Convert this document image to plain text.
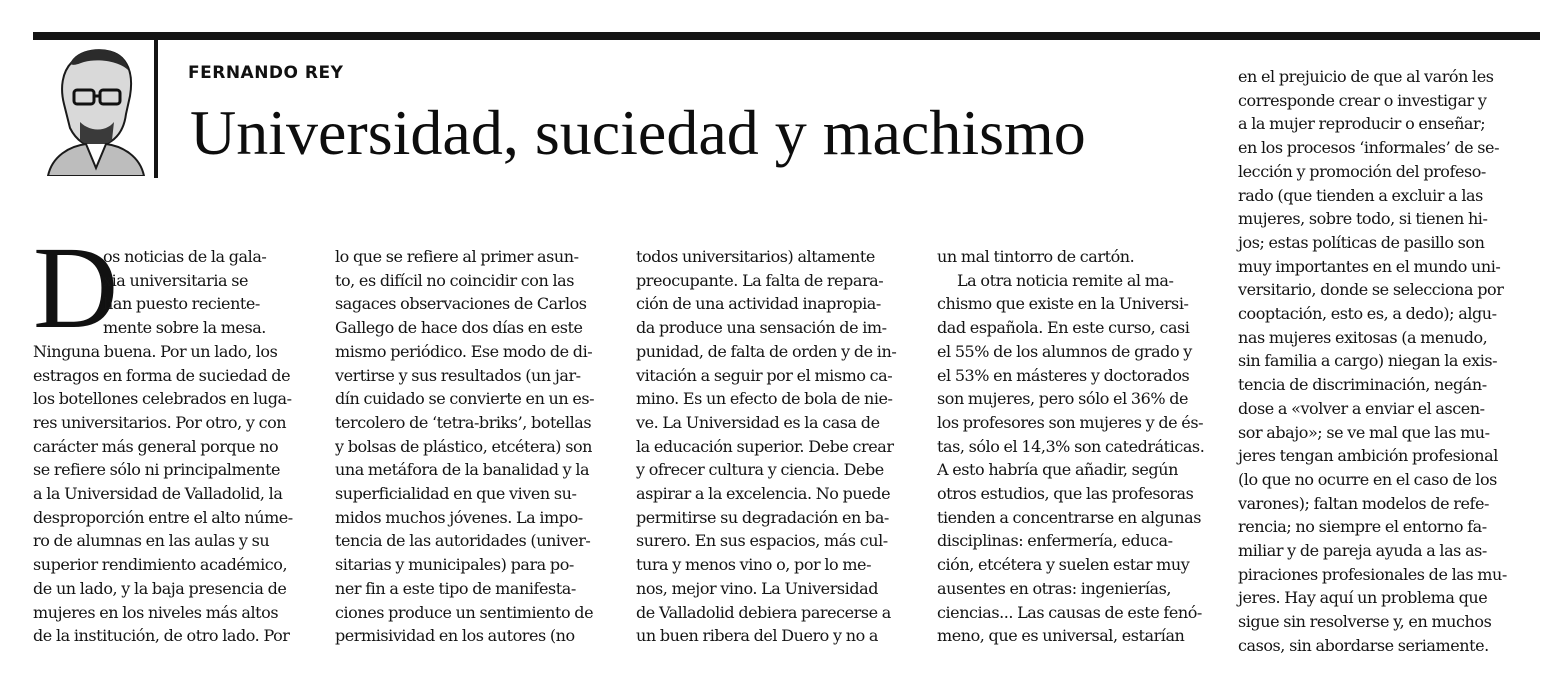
FERNANDO REY

Universidad, suciedad y machismo
D
os noticias de la gala-
xia universitaria se
han puesto reciente-
mente sobre la mesa.
Ninguna buena. Por un lado, los
estragos en forma de suciedad de
los botellones celebrados en luga-
res universitarios. Por otro, y con
carácter más general porque no
se refiere sólo ni principalmente
a la Universidad de Valladolid, la
desproporción entre el alto núme-
ro de alumnas en las aulas y su
superior rendimiento académico,
de un lado, y la baja presencia de
mujeres en los niveles más altos
de la institución, de otro lado. Por
lo que se refiere al primer asun-
to, es difícil no coincidir con las
sagaces observaciones de Carlos
Gallego de hace dos días en este
mismo periódico. Ese modo de di-
vertirse y sus resultados (un jar-
dín cuidado se convierte en un es-
tercolero de ‘tetra-briks’, botellas
y bolsas de plástico, etcétera) son
una metáfora de la banalidad y la
superficialidad en que viven su-
midos muchos jóvenes. La impo-
tencia de las autoridades (univer-
sitarias y municipales) para po-
ner fin a este tipo de manifesta-
ciones produce un sentimiento de
permisividad en los autores (no
todos universitarios) altamente
preocupante. La falta de repara-
ción de una actividad inapropia-
da produce una sensación de im-
punidad, de falta de orden y de in-
vitación a seguir por el mismo ca-
mino. Es un efecto de bola de nie-
ve. La Universidad es la casa de
la educación superior. Debe crear
y ofrecer cultura y ciencia. Debe
aspirar a la excelencia. No puede
permitirse su degradación en ba-
surero. En sus espacios, más cul-
tura y menos vino o, por lo me-
nos, mejor vino. La Universidad
de Valladolid debiera parecerse a
un buen ribera del Duero y no a
un mal tintorro de cartón.
La otra noticia remite al ma-
chismo que existe en la Universi-
dad española. En este curso, casi
el 55% de los alumnos de grado y
el 53% en másteres y doctorados
son mujeres, pero sólo el 36% de
los profesores son mujeres y de és-
tas, sólo el 14,3% son catedráticas.
A esto habría que añadir, según
otros estudios, que las profesoras
tienden a concentrarse en algunas
disciplinas: enfermería, educa-
ción, etcétera y suelen estar muy
ausentes en otras: ingenierías,
ciencias... Las causas de este fenó-
meno, que es universal, estarían
en el prejuicio de que al varón les
corresponde crear o investigar y
a la mujer reproducir o enseñar;
en los procesos ‘informales’ de se-
lección y promoción del profeso-
rado (que tienden a excluir a las
mujeres, sobre todo, si tienen hi-
jos; estas políticas de pasillo son
muy importantes en el mundo uni-
versitario, donde se selecciona por
cooptación, esto es, a dedo); algu-
nas mujeres exitosas (a menudo,
sin familia a cargo) niegan la exis-
tencia de discriminación, negán-
dose a «volver a enviar el ascen-
sor abajo»; se ve mal que las mu-
jeres tengan ambición profesional
(lo que no ocurre en el caso de los
varones); faltan modelos de refe-
rencia; no siempre el entorno fa-
miliar y de pareja ayuda a las as-
piraciones profesionales de las mu-
jeres. Hay aquí un problema que
sigue sin resolverse y, en muchos
casos, sin abordarse seriamente.
